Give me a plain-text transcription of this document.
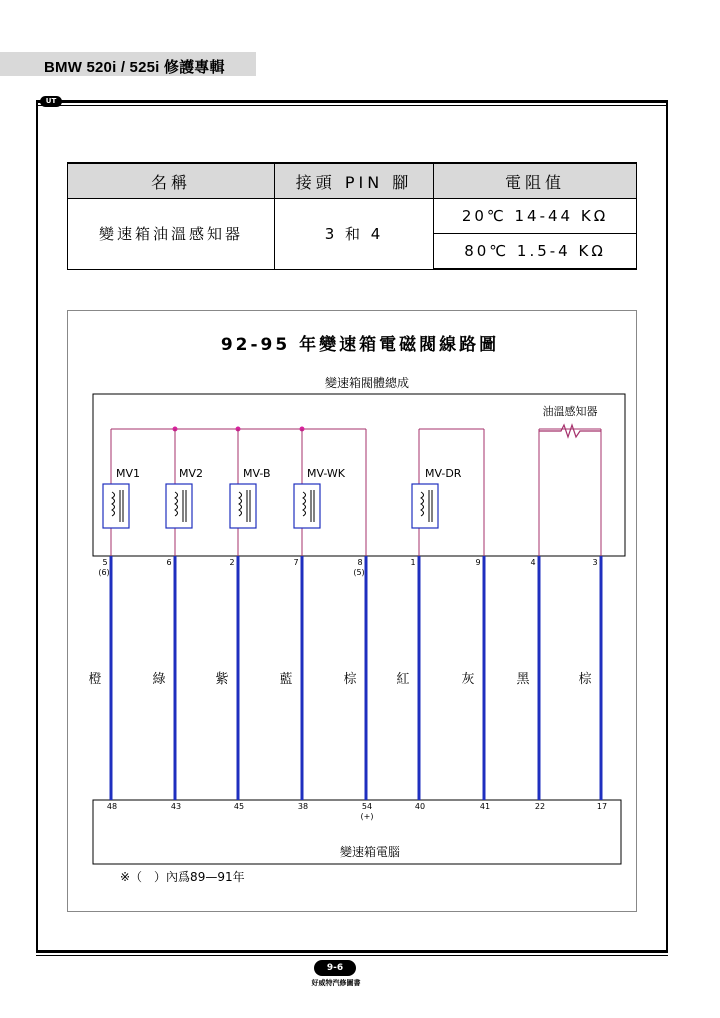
BMW 520i / 525i 修護專輯
UT
名稱	接頭 PIN 腳	電阻值
變速箱油溫感知器	3 和 4	20℃ 14-44 KΩ
		80℃ 1.5-4 KΩ
92-95 年變速箱電磁閥線路圖
變速箱閥體總成
變速箱電腦
MV1	MV2	MV-B	MV-WK	MV-DR
油溫感知器
5
(6)
橙
48
6
綠
43
2
紫
45
7
藍
38
8
(5)
棕
54
(+)
1
紅
40
9
灰
41
4
黑
22
3
棕
17
※（　）內爲89—91年
9-6
好威特汽修圖書
